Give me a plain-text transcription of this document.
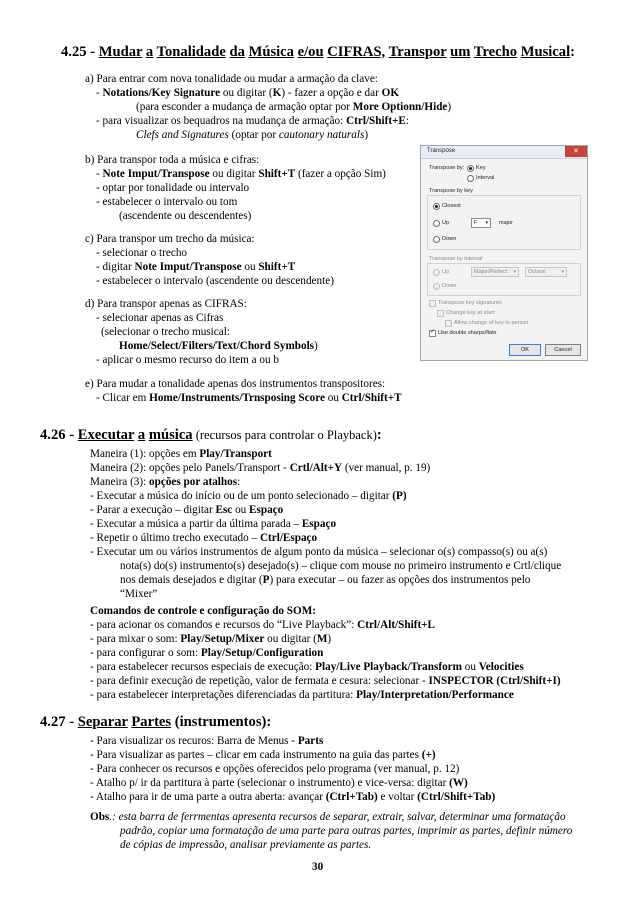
4.25 - Mudar a Tonalidade da Música e/ou CIFRAS, Transpor um Trecho Musical:
a) Para entrar com nova tonalidade ou mudar a armação da clave:
- Notations/Key Signature ou digitar (K) - fazer a opção e dar OK
(para esconder a mudança de armação optar por More Optionn/Hide)
- para visualizar os bequadros na mudança de armação: Ctrl/Shift+E:
Clefs and Signatures (optar por cautonary naturals)
b) Para transpor toda a música e cifras:
- Note Imput/Transpose ou digitar Shift+T (fazer a opção Sim)
- optar por tonalidade ou intervalo
- estabelecer o intervalo ou tom
(ascendente ou descendentes)
c) Para transpor um trecho da música:
- selecionar o trecho
- digitar Note Imput/Transpose ou Shift+T
- estabelecer o intervalo (ascendente ou descendente)
d) Para transpor apenas as CIFRAS:
- selecionar apenas as Cifras
(selecionar o trecho musical:
Home/Select/Filters/Text/Chord Symbols)
- aplicar o mesmo recurso do item a ou b
e) Para mudar a tonalidade apenas dos instrumentos transpositores:
- Clicar em Home/Instruments/Trnsposing Score ou Ctrl/Shift+T
Transpose	✕
Transpose by: Key
Interval
Transpose by key
Closest
Up	F ▾ major
Down
Transpose by interval
Up	Major/Perfect ▾ Octave	▾
Down
Transpose key signatures
Change key at start
Allow change of key to persist
✓
Use double sharps/flats
OK	Cancel
4.26 - Executar a música (recursos para controlar o Playback):
Maneira (1): opções em Play/Transport
Maneira (2): opções pelo Panels/Transport - Crtl/Alt+Y (ver manual, p. 19)
Maneira (3): opções por atalhos:
- Executar a música do início ou de um ponto selecionado – digitar (P)
- Parar a execução – digitar Esc ou Espaço
- Executar a música a partir da última parada – Espaço
- Repetir o último trecho executado – Ctrl/Espaço
- Executar um ou vários instrumentos de algum ponto da música – selecionar o(s) compasso(s) ou a(s)
nota(s) do(s) instrumento(s) desejado(s) – clique com mouse no primeiro instrumento e Crtl/clique
nos demais desejados e digitar (P) para executar – ou fazer as opções dos instrumentos pelo
“Mixer”
Comandos de controle e configuração do SOM:
- para acionar os comandos e recursos do “Live Playback”: Ctrl/Alt/Shift+L
- para mixar o som: Play/Setup/Mixer ou digitar (M)
- para configurar o som: Play/Setup/Configuration
- para estabelecer recursos especiais de execução: Play/Live Playback/Transform ou Velocities
- para definir execução de repetição, valor de fermata e cesura: selecionar - INSPECTOR (Ctrl/Shift+I)
- para estabelecer interpretações diferenciadas da partitura: Play/Interpretation/Performance
4.27 - Separar Partes (instrumentos):
- Para visualizar os recuros: Barra de Menus - Parts
- Para visualizar as partes – clicar em cada instrumento na guia das partes (+)
- Para conhecer os recursos e opções oferecidos pelo programa (ver manual, p. 12)
- Atalho p/ ir da partitura à parte (selecionar o instrumento) e vice-versa: digitar (W)
- Atalho para ir de uma parte a outra aberta: avançar (Ctrl+Tab) e voltar (Ctrl/Shift+Tab)
Obs.: esta barra de ferrmentas apresenta recursos de separar, extrair, salvar, determinar uma formatação
padrão, copiar uma formatação de uma parte para outras partes, imprimir as partes, definir número
de cópias de impressão, analisar previamente as partes.
30
